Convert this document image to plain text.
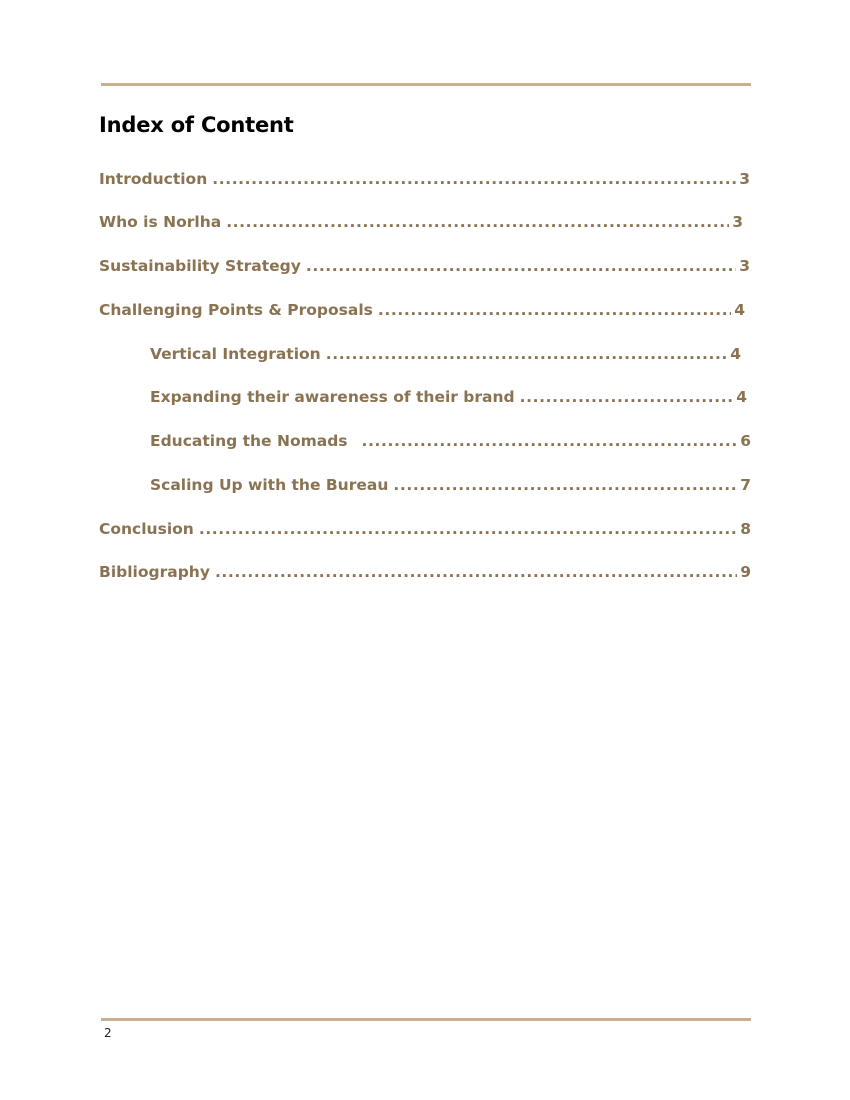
Index of Content
Introduction .....	3
Who is Norlha .....	3
Sustainability Strategy .....	3
Challenging Points & Proposals .....	4
Vertical Integration .....	4
Expanding their awareness of their brand .....	4
Educating the Nomads .....	6
Scaling Up with the Bureau .....	7
Conclusion .....	8
Bibliography .....	9
2
